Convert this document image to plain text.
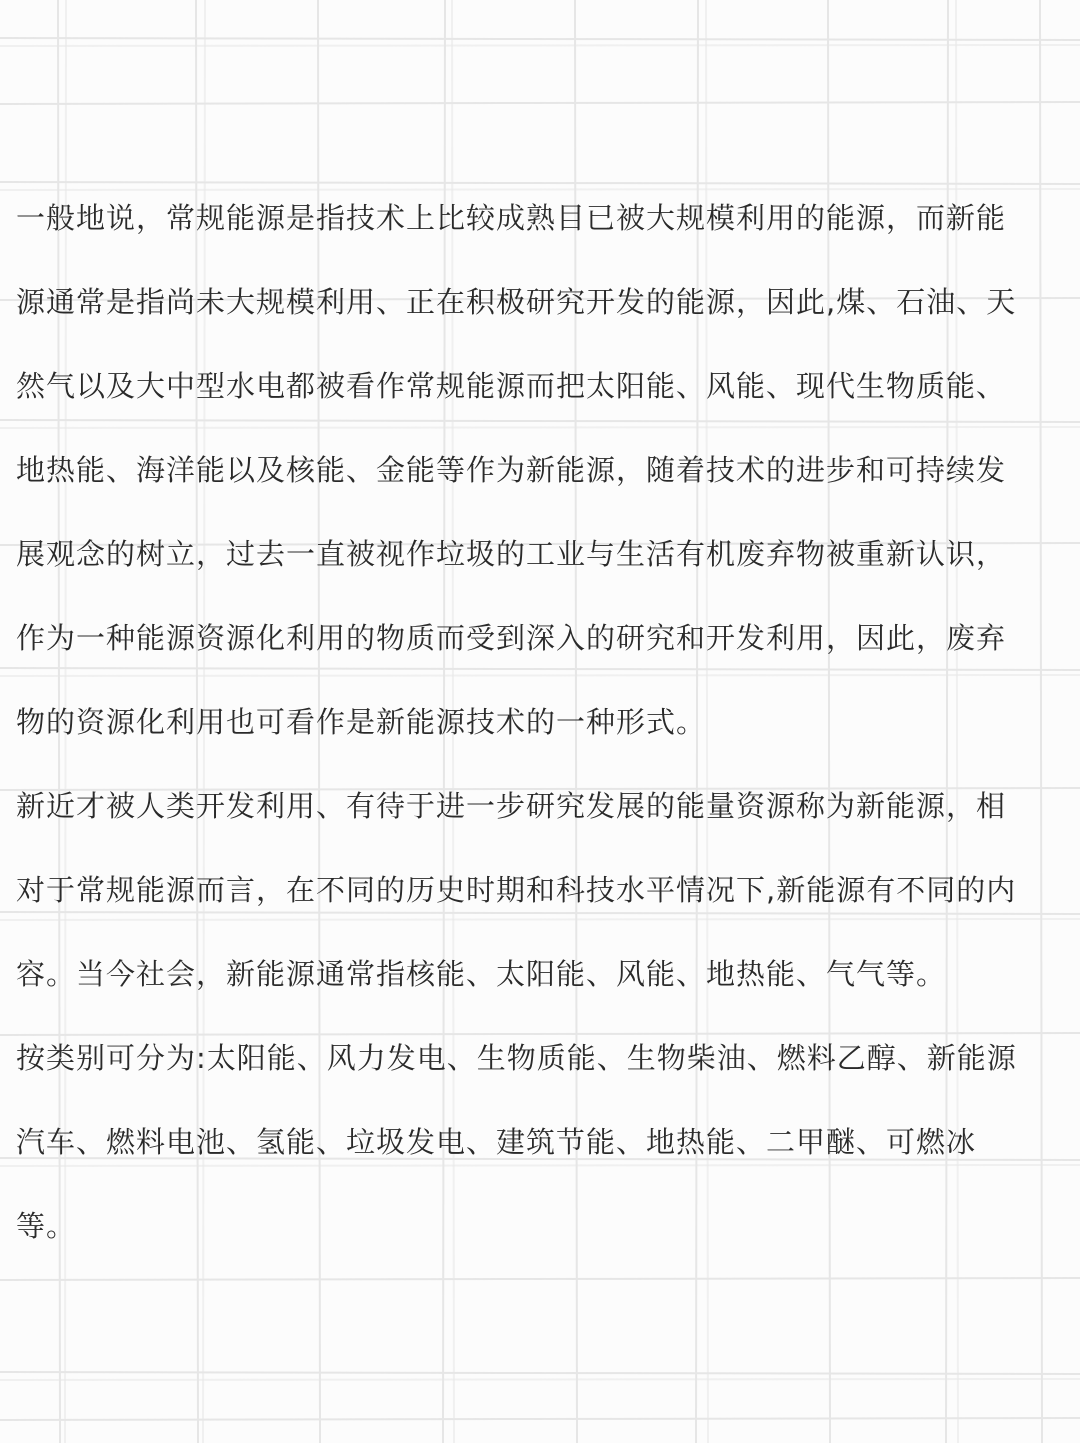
一般地说，常规能源是指技术上比较成熟目已被大规模利用的能源，而新能
源通常是指尚未大规模利用、正在积极研究开发的能源，因此,煤、石油、天
然气以及大中型水电都被看作常规能源而把太阳能、风能、现代生物质能、
地热能、海洋能以及核能、金能等作为新能源，随着技术的进步和可持续发
展观念的树立，过去一直被视作垃圾的工业与生活有机废弃物被重新认识，
作为一种能源资源化利用的物质而受到深入的研究和开发利用，因此，废弃
物的资源化利用也可看作是新能源技术的一种形式。
新近才被人类开发利用、有待于进一步研究发展的能量资源称为新能源，相
对于常规能源而言，在不同的历史时期和科技水平情况下,新能源有不同的内
容。当今社会，新能源通常指核能、太阳能、风能、地热能、气气等。
按类别可分为:太阳能、风力发电、生物质能、生物柴油、燃料乙醇、新能源
汽车、燃料电池、氢能、垃圾发电、建筑节能、地热能、二甲醚、可燃冰
等。
